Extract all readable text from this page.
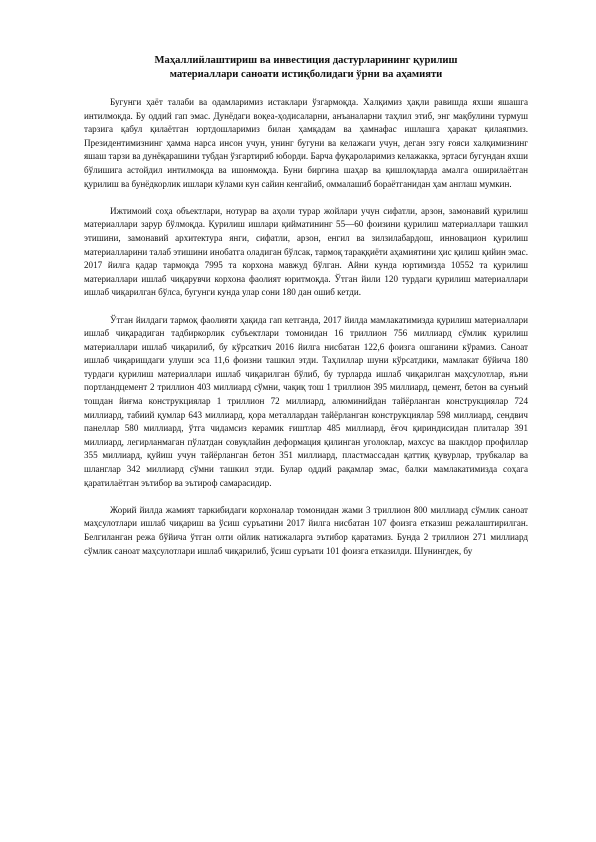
Маҳаллийлаштириш ва инвестиция дастурларининг қурилиш
материаллари саноати истиқболидаги ўрни ва аҳамияти

Бугунги ҳаёт талаби ва одамларимиз истаклари ўзгармоқда. Халқимиз ҳақли равишда яхши яшашга интилмоқда. Бу оддий гап эмас. Дунёдаги воқеа-ҳодисаларни, анъаналарни таҳлил этиб, энг мақбулини турмуш тарзига қабул қилаётган юртдошларимиз билан ҳамқадам ва ҳамнафас ишлашга ҳаракат қилаяпмиз. Президентимизнинг ҳамма нарса инсон учун, унинг бугуни ва келажаги учун, деган эзгу ғояси халқимизнинг яшаш тарзи ва дунёқарашини тубдан ўзгартириб юборди. Барча фуқароларимиз келажакка, эртаси бугундан яхши бўлишига астойдил интилмоқда ва ишонмоқда. Буни биргина шаҳар ва қишлоқларда амалга оширилаётган қурилиш ва бунёдкорлик ишлари кўлами кун сайин кенгайиб, оммалашиб бораётганидан ҳам англаш мумкин.

Ижтимоий соҳа объектлари, нотурар ва аҳоли турар жойлари учун сифатли, арзон, замонавий қурилиш материаллари зарур бўлмоқда. Қурилиш ишлари қийматининг 55—60 фоизини қурилиш материаллари ташкил этишини, замонавий архитектура янги, сифатли, арзон, енгил ва зилзилабардош, инновацион қурилиш материалларини талаб этишини инобатга оладиган бўлсак, тармоқ тараққиёти аҳамиятини ҳис қилиш қийин эмас. 2017 йилга қадар тармоқда 7995 та корхона мавжуд бўлган. Айни кунда юртимизда 10552 та қурилиш материаллари ишлаб чиқарувчи корхона фаолият юритмоқда. Ўтган йили 120 турдаги қурилиш материаллари ишлаб чиқарилган бўлса, бугунги кунда улар сони 180 дан ошиб кетди.

Ўтган йилдаги тармоқ фаолияти ҳақида гап кетганда, 2017 йилда мамлакатимизда қурилиш материаллари ишлаб чиқарадиган тадбиркорлик субъектлари томонидан 16 триллион 756 миллиард сўмлик қурилиш материаллари ишлаб чиқарилиб, бу кўрсаткич 2016 йилга нисбатан 122,6 фоизга ошганини кўрамиз. Саноат ишлаб чиқаришдаги улуши эса 11,6 фоизни ташкил этди. Таҳлиллар шуни кўрсатдики, мамлакат бўйича 180 турдаги қурилиш материаллари ишлаб чиқарилган бўлиб, бу турларда ишлаб чиқарилган маҳсулотлар, яъни портландцемент 2 триллион 403 миллиард сўмни, чақиқ тош 1 триллион 395 миллиард, цемент, бетон ва сунъий тошдан йиғма конструкциялар 1 триллион 72 миллиард, алюминийдан тайёрланган конструкциялар 724 миллиард, табиий қумлар 643 миллиард, қора металлардан тайёрланган конструкциялар 598 миллиард, сендвич панеллар 580 миллиард, ўтга чидамсиз керамик ғиштлар 485 миллиард, ёғоч қириндисидан плиталар 391 миллиард, легирланмаган пўлатдан совуқлайин деформация қилинган уголоклар, махсус ва шаклдор профиллар 355 миллиард, қуйиш учун тайёрланган бетон 351 миллиард, пластмассадан қаттиқ қувурлар, трубкалар ва шланглар 342 миллиард сўмни ташкил этди. Булар оддий рақамлар эмас, балки мамлакатимизда соҳага қаратилаётган эътибор ва эътироф самарасидир.

Жорий йилда жамият таркибидаги корхоналар томонидан жами 3 триллион 800 миллиард сўмлик саноат маҳсулотлари ишлаб чиқариш ва ўсиш суръатини 2017 йилга нисбатан 107 фоизга етказиш режалаштирилган. Белгиланган режа бўйича ўтган олти ойлик натижаларга эътибор қаратамиз. Бунда 2 триллион 271 миллиард сўмлик саноат маҳсулотлари ишлаб чиқарилиб, ўсиш суръати 101 фоизга етказилди. Шунингдек, бу
